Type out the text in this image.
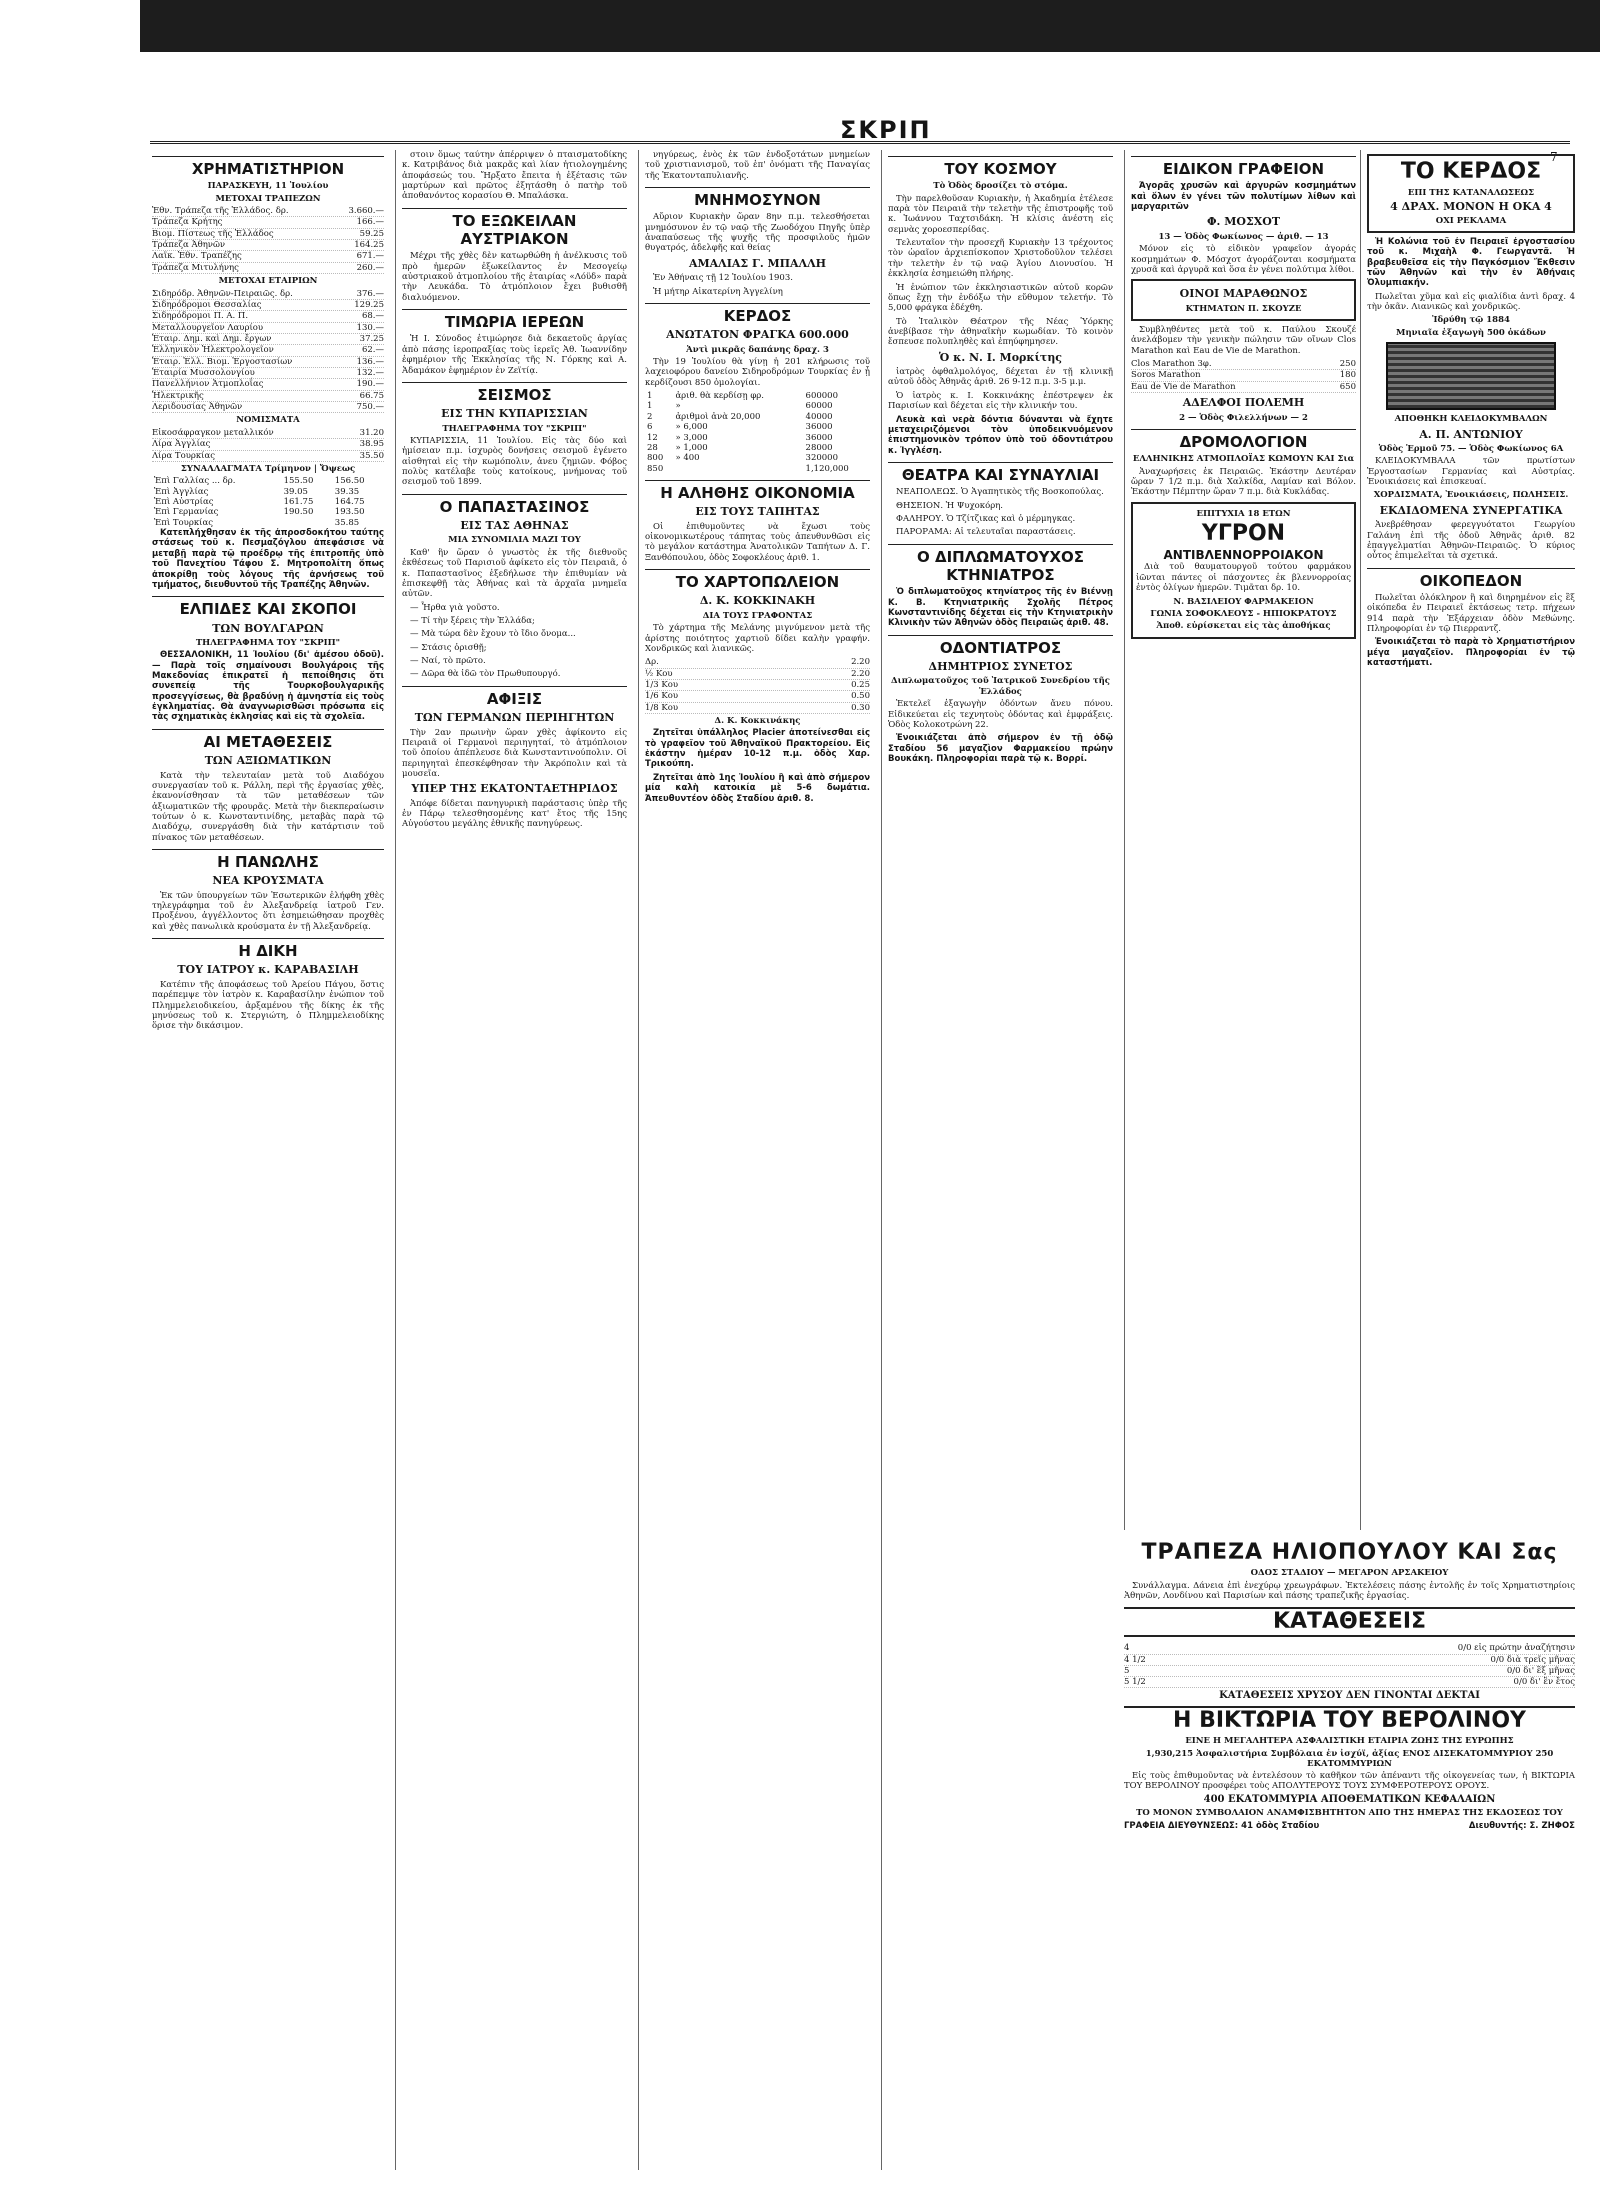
ΣΚΡΙΠ
7
ΧΡΗΜΑΤΙΣΤΗΡΙΟΝ
ΠΑΡΑΣΚΕΥΗ, 11 Ἰουλίου
ΜΕΤΟΧΑΙ ΤΡΑΠΕΖΩΝ
Ἐθν. Τράπεζα τῆς Ἑλλάδος. δρ.	3.660.—
Τράπεζα Κρήτης	166.—
Βιομ. Πίστεως τῆς Ἑλλάδος	59.25
Τράπεζα Ἀθηνῶν	164.25
Λαϊκ. Ἐθν. Τραπέζης	671.—
Τράπεζα Μιτυλήνης	260.—
ΜΕΤΟΧΑΙ ΕΤΑΙΡΙΩΝ
Σιδηρόδρ. Ἀθηνῶν-Πειραιῶς. δρ.	376.—
Σιδηρόδρομοι Θεσσαλίας	129.25
Σιδηρόδρομοι Π. Α. Π.	68.—
Μεταλλουργεῖον Λαυρίου	130.—
Ἑταιρ. Δημ. καὶ Δημ. ἔργων	37.25
Ἑλληνικὸν Ἠλεκτρολογεῖον	62.—
Ἐταιρ. Ἑλλ. Βιομ. Ἐργοστασίων	136.—
Ἐταιρία Μυσσολονγίου	132.—
Πανελλήνιον Ἀτμοπλοΐας	190.—
Ἠλεκτρικῆς	66.75
Λεριδουσίας Ἀθηνῶν	750.—
ΝΟΜΙΣΜΑΤΑ
Εἰκοσάφραγκον μεταλλικόν	31.20
Λίρα Ἀγγλίας	38.95
Λίρα Τουρκίας	35.50
ΣΥΝΑΛΛΑΓΜΑΤΑ Τρίμηνον | Ὄψεως
Ἐπὶ Γαλλίας ... δρ.	155.50	156.50
Ἐπὶ Ἀγγλίας	39.05	39.35
Ἐπὶ Αὐστρίας	161.75	164.75
Ἐπὶ Γερμανίας	190.50	193.50
Ἐπὶ Τουρκίας		35.85

Κατεπλήχθησαν ἐκ τῆς ἀπροσδοκήτου ταύτης στάσεως τοῦ κ. Πεσμαζόγλου ἀπεφάσισε νὰ μεταβῇ παρὰ τῷ προέδρῳ τῆς ἐπιτροπῆς ὑπὸ τοῦ Πανεχτίου Τάφου Σ. Μητροπολίτη ὅπως ἀποκρίθῃ τοὺς λόγους τῆς ἀρνήσεως τοῦ τμήματος, διευθυντοῦ τῆς Τραπέζης Ἀθηνῶν.

ΕΛΠΙΔΕΣ ΚΑΙ ΣΚΟΠΟΙ
ΤΩΝ ΒΟΥΛΓΑΡΩΝ
ΤΗΛΕΓΡΑΦΗΜΑ ΤΟΥ "ΣΚΡΙΠ"

ΘΕΣΣΑΛΟΝΙΚΗ, 11 Ἰουλίου (δι' ἀμέσου ὁδοῦ). — Παρὰ τοῖς σημαίνουσι Βουλγάροις τῆς Μακεδονίας ἐπικρατεῖ ἡ πεποίθησις ὅτι συνεπείᾳ τῆς Τουρκοβουλγαρικῆς προσεγγίσεως, θὰ βραδύνῃ ἡ ἀμνηστία εἰς τοὺς ἐγκληματίας. Θὰ ἀναγνωρισθῶσι πρόσωπα εἰς τὰς σχηματικὰς ἐκλησίας καὶ εἰς τὰ σχολεῖα.

ΑΙ ΜΕΤΑΘΕΣΕΙΣ
ΤΩΝ ΑΞΙΩΜΑΤΙΚΩΝ

Κατὰ τὴν τελευταίαν μετὰ τοῦ Διαδόχου συνεργασίαν τοῦ κ. Ράλλη, περὶ τῆς ἐργασίας χθὲς, ἐκανονίσθησαν τὰ τῶν μεταθέσεων τῶν ἀξιωματικῶν τῆς φρουρᾶς. Μετὰ τὴν διεκπεραίωσιν τούτων ὁ κ. Κωνσταντινίδης, μεταβὰς παρὰ τῷ Διαδόχῳ, συνεργάσθη διὰ τὴν κατάρτισιν τοῦ πίνακος τῶν μεταθέσεων.

Η ΠΑΝΩΛΗΣ
ΝΕΑ ΚΡΟΥΣΜΑΤΑ

Ἐκ τῶν ὑπουργείων τῶν Ἐσωτερικῶν ἐλήφθη χθὲς τηλεγράφημα τοῦ ἐν Ἀλεξανδρείᾳ ἰατροῦ Γεν. Προξένου, ἀγγέλλοντος ὅτι ἐσημειώθησαν προχθὲς καὶ χθὲς πανωλικὰ κρούσματα ἐν τῇ Ἀλεξανδρείᾳ.

Η ΔΙΚΗ
ΤΟΥ ΙΑΤΡΟΥ κ. ΚΑΡΑΒΑΣΙΛΗ

Κατέπιν τῆς ἀποφάσεως τοῦ Ἀρείου Πάγου, ὅστις παρέπεμψε τὸν ἰατρὸν κ. Καραβασίλην ἐνώπιον τοῦ Πλημμελειοδικείου, ἀρξαμένου τῆς δίκης ἐκ τῆς μηνύσεως τοῦ κ. Στεργιώτη, ὁ Πλημμελειοδίκης ὅρισε τὴν δικάσιμον.

στοιν ὅμως ταύτην ἀπέρριψεν ὁ πταισματοδίκης κ. Κατριβάνος διὰ μακρᾶς καὶ λίαν ἠτιολογημένης ἀποφάσεώς του. Ἤρξατο ἔπειτα ἡ ἐξέτασις τῶν μαρτύρων καὶ πρῶτος ἐξητάσθη ὁ πατὴρ τοῦ ἀποθανόντος κορασίου Θ. Μπαλάσκα.

ΤΟ ΕΞΩΚΕΙΛΑΝ ΑΥΣΤΡΙΑΚΟΝ

Μέχρι τῆς χθὲς δὲν κατωρθώθη ἡ ἀνέλκυσις τοῦ πρὸ ἡμερῶν ἐξωκείλαντος ἐν Μεσογείῳ αὐστριακοῦ ἀτμοπλοίου τῆς ἑταιρίας «Λόϋδ» παρὰ τὴν Λευκάδα. Τὸ ἀτμόπλοιον ἔχει βυθισθῆ διαλυόμενον.

ΤΙΜΩΡΙΑ ΙΕΡΕΩΝ

Ἡ Ι. Σύνοδος ἐτιμώρησε διὰ δεκαετοῦς ἀργίας ἀπὸ πάσης ἱεροπραξίας τοὺς ἱερεῖς Ἀθ. Ἰωαννίδην ἐφημέριον τῆς Ἐκκλησίας τῆς Ν. Γόρκης καὶ Α. Ἀδαμάκον ἐφημέριον ἐν Ζεϊτίᾳ.

ΣΕΙΣΜΟΣ
ΕΙΣ ΤΗΝ ΚΥΠΑΡΙΣΣΙΑΝ
ΤΗΛΕΓΡΑΦΗΜΑ ΤΟΥ "ΣΚΡΙΠ"

ΚΥΠΑΡΙΣΣΙΑ, 11 Ἰουλίου. Εἰς τὰς δύο καὶ ἡμίσειαν π.μ. ἰσχυρὸς δονήσεις σεισμοῦ ἐγένετο αἰσθηταὶ εἰς τὴν κωμόπολιν, ἀνευ ζημιῶν. Φόβος πολὺς κατέλαβε τοὺς κατοίκους, μνήμονας τοῦ σεισμοῦ τοῦ 1899.

Ο ΠΑΠΑΣΤΑΣΙΝΟΣ
ΕΙΣ ΤΑΣ ΑΘΗΝΑΣ
ΜΙΑ ΣΥΝΟΜΙΛΙΑ ΜΑΖΙ ΤΟΥ

Καθ' ἣν ὥραν ὁ γνωστὸς ἐκ τῆς διεθνοῦς ἐκθέσεως τοῦ Παρισιοῦ ἀφίκετο εἰς τὸν Πειραιᾶ, ὁ κ. Παπαστασῖνος ἐξεδήλωσε τὴν ἐπιθυμίαν νὰ ἐπισκεφθῇ τὰς Ἀθήνας καὶ τὰ ἀρχαῖα μνημεῖα αὐτῶν.

— Ἦρθα γιὰ γοῦστο.

— Τί τὴν ξέρεις τὴν Ἑλλάδα;

— Μὰ τώρα δὲν ἔχουν τὸ ἴδιο ὄνομα...

— Στάσις ὁρισθῇ;

— Ναί, τὸ πρῶτο.

— Δῶρα θὰ ἰδῶ τὸν Πρωθυπουργό.

ΑΦΙΞΙΣ
ΤΩΝ ΓΕΡΜΑΝΩΝ ΠΕΡΙΗΓΗΤΩΝ

Τὴν 2αν πρωινὴν ὥραν χθὲς ἀφίκοντο εἰς Πειραιᾶ οἱ Γερμανοὶ περιηγηταί, τὸ ἀτμόπλοιον τοῦ ὁποίου ἀπέπλευσε διὰ Κωνσταντινούπολιν. Οἱ περιηγηταὶ ἐπεσκέφθησαν τὴν Ἀκρόπολιν καὶ τὰ μουσεῖα.

ΥΠΕΡ ΤΗΣ ΕΚΑΤΟΝΤΑΕΤΗΡΙΔΟΣ

Ἀπόφε δίδεται πανηγυρικὴ παράστασις ὑπὲρ τῆς ἐν Πάρῳ τελεσθησομένης κατ' ἔτος τῆς 15ης Αὐγούστου μεγάλης ἐθνικῆς πανηγύρεως.

νηγύρεως, ἐνὸς ἐκ τῶν ἐνδοξοτάτων μνημείων τοῦ χριστιανισμοῦ, τοῦ ἐπ' ὀνόματι τῆς Παναγίας τῆς Ἑκατονταπυλιανῆς.

ΜΝΗΜΟΣΥΝΟΝ

Αὔριον Κυριακὴν ὥραν 8ην π.μ. τελεσθήσεται μνημόσυνον ἐν τῷ ναῷ τῆς Ζωοδόχου Πηγῆς ὑπὲρ ἀναπαύσεως τῆς ψυχῆς τῆς προσφιλοῦς ἡμῶν θυγατρός, ἀδελφῆς καὶ θείας

ΑΜΑΛΙΑΣ Γ. ΜΠΑΛΛΗ

Ἐν Ἀθήναις τῇ 12 Ἰουλίου 1903.

Ἡ μήτηρ Αἰκατερίνη Ἀγγελίνη

ΚΕΡΔΟΣ
ΑΝΩΤΑΤΟΝ ΦΡΑΓΚΑ 600.000
Ἀντὶ μικρᾶς δαπάνης δραχ. 3

Τὴν 19 Ἰουλίου θὰ γίνῃ ἡ 201 κλήρωσις τοῦ λαχειοφόρου δανείου Σιδηροδρόμων Τουρκίας ἐν ᾗ κερδίζουσι 850 ὁμολογίαι.

1	ἀριθ. θὰ κερδίσῃ φρ.	600000
1	»	60000
2	ἀριθμοὶ ἀνὰ 20,000	40000
6	» 6,000	36000
12	» 3,000	36000
28	» 1,000	28000
800	» 400	320000
850		1,120,000
Η ΑΛΗΘΗΣ ΟΙΚΟΝΟΜΙΑ
ΕΙΣ ΤΟΥΣ ΤΑΠΗΤΑΣ

Οἱ ἐπιθυμοῦντες νὰ ἔχωσι τοὺς οἰκονομικωτέρους τάπητας τοὺς ἀπευθυνθῶσι εἰς τὸ μεγάλον κατάστημα Ἀνατολικῶν Ταπήτων Δ. Γ. Ξανθόπουλου, ὁδὸς Σοφοκλέους ἀριθ. 1.

ΤΟ ΧΑΡΤΟΠΩΛΕΙΟΝ
Δ. Κ. ΚΟΚΚΙΝΑΚΗ
ΔΙΑ ΤΟΥΣ ΓΡΑΦΟΝΤΑΣ

Τὸ χάρτημα τῆς Μελάνης μιγνύμενον μετὰ τῆς ἀρίστης ποιότητος χαρτιοῦ δίδει καλὴν γραφήν. Χονδρικῶς καὶ λιανικῶς.

Δρ.	2.20
½ Κου	2.20
1/3 Κου	0.25
1/6 Κου	0.50
1/8 Κου	0.30
Δ. Κ. Κοκκινάκης

Ζητεῖται ὑπάλληλος Placier ἀποτείνεσθαι εἰς τὸ γραφεῖον τοῦ Ἀθηναϊκοῦ Πρακτορείου. Εἰς ἑκάστην ἡμέραν 10-12 π.μ. ὁδὸς Χαρ. Τρικούπη.

Ζητεῖται ἀπὸ 1ης Ἰουλίου ἢ καὶ ἀπὸ σήμερον μία καλὴ κατοικία μὲ 5-6 δωμάτια. Ἀπευθυντέον ὁδὸς Σταδίου ἀριθ. 8.

ΤΟΥ ΚΟΣΜΟΥ
Τὸ Ὀδὸς δροσίζει τὸ στόμα.

Τὴν παρελθοῦσαν Κυριακὴν, ἡ Ἀκαδημία ἐτέλεσε παρὰ τὸν Πειραιᾶ τὴν τελετὴν τῆς ἐπιστροφῆς τοῦ κ. Ἰωάννου Ταχτσιδάκη. Ἡ κλίσις ἀνέστη εἰς σεμνὰς χοροεσπερίδας.

Τελευταῖον τὴν προσεχῆ Κυριακὴν 13 τρέχοντος τὸν ὡραῖον ἀρχιεπίσκοπον Χριστοδοῦλον τελέσει τὴν τελετὴν ἐν τῷ ναῷ Ἁγίου Διονυσίου. Ἡ ἐκκλησία ἐσημειώθη πλήρης.

Ἡ ἐνώπιον τῶν ἐκκλησιαστικῶν αὐτοῦ κορῶν ὅπως ἔχῃ τὴν ἐνδόξω τὴν εὔθυμον τελετήν. Τὸ 5,000 φράγκα ἐδέχθη.

Τὸ Ἰταλικὸν Θέατρον τῆς Νέας Ὑόρκης ἀνεβίβασε τὴν ἀθηναϊκὴν κωμωδίαν. Τὸ κοινὸν ἔσπευσε πολυπληθὲς καὶ ἐπηύφημησεν.

Ὁ κ. Ν. Ι. Μορκίτης

ἰατρὸς ὀφθαλμολόγος, δέχεται ἐν τῇ κλινικῇ αὐτοῦ ὁδὸς Ἀθηνᾶς ἀριθ. 26 9-12 π.μ. 3-5 μ.μ.

Ὁ ἰατρὸς κ. Ι. Κοκκινάκης ἐπέστρεψεν ἐκ Παρισίων καὶ δέχεται εἰς τὴν κλινικήν του.

Λευκὰ καὶ νερὰ δόντια δύνανται νὰ ἔχητε μεταχειριζόμενοι τὸν ὑποδεικνυόμενον ἐπιστημονικὸν τρόπον ὑπὸ τοῦ ὀδοντιάτρου κ. Ἰγγλέση.

ΘΕΑΤΡΑ ΚΑΙ ΣΥΝΑΥΛΙΑΙ

ΝΕΑΠΟΛΕΩΣ. Ὁ Ἀγαπητικὸς τῆς Βοσκοπούλας.

ΘΗΣΕΙΟΝ. Ἡ Ψυχοκόρη.

ΦΑΛΗΡΟΥ. Ὁ Τζίτζικας καὶ ὁ μέρμηγκας.

ΠΑΡΟΡΑΜΑ: Αἱ τελευταῖαι παραστάσεις.

Ο ΔΙΠΛΩΜΑΤΟΥΧΟΣ ΚΤΗΝΙΑΤΡΟΣ

Ὁ διπλωματοῦχος κτηνίατρος τῆς ἐν Βιέννῃ Κ. Β. Κτηνιατρικῆς Σχολῆς Πέτρος Κωνσταντινίδης δέχεται εἰς τὴν Κτηνιατρικὴν Κλινικὴν τῶν Ἀθηνῶν ὁδὸς Πειραιῶς ἀριθ. 48.

ΟΔΟΝΤΙΑΤΡΟΣ
ΔΗΜΗΤΡΙΟΣ ΣΥΝΕΤΟΣ
Διπλωματοῦχος τοῦ Ἰατρικοῦ Συνεδρίου τῆς Ἑλλάδος

Ἐκτελεῖ ἐξαγωγὴν ὀδόντων ἄνευ πόνου. Εἰδικεύεται εἰς τεχνητοὺς ὀδόντας καὶ ἐμφράξεις. Ὁδὸς Κολοκοτρώνη 22.

Ἐνοικιάζεται ἀπὸ σήμερον ἐν τῇ ὁδῷ Σταδίου 56 μαγαζὶον Φαρμακείου πρώην Βουκάκη. Πληροφορίαι παρὰ τῷ κ. Βορρί.

ΕΙΔΙΚΟΝ ΓΡΑΦΕΙΟΝ

Ἀγορᾶς χρυσῶν καὶ ἀργυρῶν κοσμημάτων καὶ ὅλων ἐν γένει τῶν πολυτίμων λίθων καὶ μαργαριτῶν

Φ. ΜΟΣΧΟΤ
13 — Ὁδὸς Φωκίωνος — ἀριθ. — 13

Μόνον εἰς τὸ εἰδικὸν γραφεῖον ἀγοράς κοσμημάτων Φ. Μόσχοτ ἀγοράζονται κοσμήματα χρυσᾶ καὶ ἀργυρᾶ καὶ ὅσα ἐν γένει πολύτιμα λίθοι.

ΟΙΝΟΙ ΜΑΡΑΘΩΝΟΣ
ΚΤΗΜΑΤΩΝ Π. ΣΚΟΥΖΕ

Συμβληθέντες μετὰ τοῦ κ. Παύλου Σκουζέ ἀνελάβομεν τὴν γενικὴν πώλησιν τῶν οἴνων Clos Marathon καὶ Eau de Vie de Marathon.

Clos Marathon 3φ.	250
Soros Marathon	180
Eau de Vie de Marathon	650
ΑΔΕΛΦΟΙ ΠΟΛΕΜΗ
2 — Ὁδὸς Φιλελλήνων — 2
ΔΡΟΜΟΛΟΓΙΟΝ
ΕΛΛΗΝΙΚΗΣ ΑΤΜΟΠΛΟΪΑΣ ΚΩΜΟΥΝ ΚΑΙ Σια

Ἀναχωρήσεις ἐκ Πειραιῶς. Ἑκάστην Δευτέραν ὥραν 7 1/2 π.μ. διὰ Χαλκίδα, Λαμίαν καὶ Βόλον. Ἑκάστην Πέμπτην ὥραν 7 π.μ. διὰ Κυκλάδας.

ΕΠΙΤΥΧΙΑ 18 ΕΤΩΝ
ΥΓΡΟΝ
ΑΝΤΙΒΛΕΝΝΟΡΡΟΙΑΚΟΝ

Διὰ τοῦ θαυματουργοῦ τούτου φαρμάκου ἰῶνται πάντες οἱ πάσχοντες ἐκ βλεννορροίας ἐντὸς ὀλίγων ἡμερῶν. Τιμᾶται δρ. 10.

Ν. ΒΑΣΙΛΕΙΟΥ ΦΑΡΜΑΚΕΙΟΝ
ΓΩΝΙΑ ΣΟΦΟΚΛΕΟΥΣ - ΗΠΙΟΚΡΑΤΟΥΣ
Ἀποθ. εὑρίσκεται εἰς τὰς ἀποθήκας
ΤΟ ΚΕΡΔΟΣ
ΕΠΙ ΤΗΣ ΚΑΤΑΝΑΛΩΣΕΩΣ
4 ΔΡΑΧ. ΜΟΝΟΝ Η ΟΚΑ 4
ΟΧΙ ΡΕΚΛΑΜΑ

Ἡ Κολώνια τοῦ ἐν Πειραιεῖ ἐργοστασίου τοῦ κ. Μιχαὴλ Φ. Γεωργαντᾶ. Ἡ βραβευθεῖσα εἰς τὴν Παγκόσμιον Ἔκθεσιν τῶν Ἀθηνῶν καὶ τὴν ἐν Ἀθήναις Ὀλυμπιακήν.

Πωλεῖται χῦμα καὶ εἰς φιαλίδια ἀντὶ δραχ. 4 τὴν ὀκᾶν. Λιανικῶς καὶ χονδρικῶς.

Ἰδρύθη τῷ 1884
Μηνιαῖα ἐξαγωγὴ 500 ὀκάδων
ΑΠΟΘΗΚΗ ΚΛΕΙΔΟΚΥΜΒΑΛΩΝ
Α. Π. ΑΝΤΩΝΙΟΥ
Ὁδὸς Ἑρμοῦ 75. — Ὁδὸς Φωκίωνος 6Α

ΚΛΕΙΔΟΚΥΜΒΑΛΑ τῶν πρωτίστων Ἐργοστασίων Γερμανίας καὶ Αὐστρίας. Ἐνοικιάσεις καὶ ἐπισκευαί.

ΧΟΡΔΙΣΜΑΤΑ, Ἐνοικιάσεις, ΠΩΛΗΣΕΙΣ.
ΕΚΔΙΔΟΜΕΝΑ ΣΥΝΕΡΓΑΤΙΚΑ

Ἀνεβρέθησαν φερεγγυότατοι Γεωργίου Γαλάνη ἐπὶ τῆς ὁδοῦ Ἀθηνᾶς ἀριθ. 82 ἐπαγγελματίαι Ἀθηνῶν-Πειραιῶς. Ὁ κύριος οὗτος ἐπιμελεῖται τὰ σχετικά.

ΟΙΚΟΠΕΔΟΝ

Πωλεῖται ὁλόκληρον ἢ καὶ διηρημένον εἰς ἓξ οἰκόπεδα ἐν Πειραιεῖ ἐκτάσεως τετρ. πήχεων 914 παρὰ τὴν Ἐξάρχειαν ὁδὸν Μεθώνης. Πληροφορίαι ἐν τῷ Πιερραντζ.

Ἐνοικιάζεται τὸ παρὰ τὸ Χρηματιστήριον μέγα μαγαζεῖον. Πληροφορίαι ἐν τῷ καταστήματι.

ΤΡΑΠΕΖΑ ΗΛΙΟΠΟΥΛΟΥ ΚΑΙ Σας
ΟΔΟΣ ΣΤΑΔΙΟΥ — ΜΕΓΑΡΟΝ ΑΡΣΑΚΕΙΟΥ

Συνάλλαγμα. Δάνεια ἐπὶ ἐνεχύρῳ χρεωγράφων. Ἐκτελέσεις πάσης ἐντολῆς ἐν τοῖς Χρηματιστηρίοις Ἀθηνῶν, Λονδίνου καὶ Παρισίων καὶ πάσης τραπεζικῆς ἐργασίας.

ΚΑΤΑΘΕΣΕΙΣ
4	0/0 εἰς πρώτην ἀναζήτησιν
4 1/2	0/0 διὰ τρεῖς μῆνας
5	0/0 δι' ἓξ μῆνας
5 1/2	0/0 δι' ἓν ἔτος
ΚΑΤΑΘΕΣΕΙΣ ΧΡΥΣΟΥ ΔΕΝ ΓΙΝΟΝΤΑΙ ΔΕΚΤΑΙ
Η ΒΙΚΤΩΡΙΑ ΤΟΥ ΒΕΡΟΛΙΝΟΥ
ΕΙΝΕ Η ΜΕΓΑΛΗΤΕΡΑ ΑΣΦΑΛΙΣΤΙΚΗ ΕΤΑΙΡΙΑ ΖΩΗΣ ΤΗΣ ΕΥΡΩΠΗΣ
1,930,215 Ἀσφαλιστήρια Συμβόλαια ἐν ἰσχύϊ, ἀξίας ΕΝΟΣ ΔΙΣΕΚΑΤΟΜΜΥΡΙΟΥ 250 ΕΚΑΤΟΜΜΥΡΙΩΝ

Εἰς τοὺς ἐπιθυμοῦντας νὰ ἐντελέσουν τὸ καθῆκον τῶν ἀπέναντι τῆς οἰκογενείας των, ἡ ΒΙΚΤΩΡΙΑ ΤΟΥ ΒΕΡΟΛΙΝΟΥ προσφέρει τοὺς ΑΠΟΛΥΤΕΡΟΥΣ ΤΟΥΣ ΣΥΜΦΕΡΟΤΕΡΟΥΣ ΟΡΟΥΣ.

400 ΕΚΑΤΟΜΜΥΡΙΑ ΑΠΟΘΕΜΑΤΙΚΩΝ ΚΕΦΑΛΑΙΩΝ
ΤΟ ΜΟΝΟΝ ΣΥΜΒΟΛΑΙΟΝ ΑΝΑΜΦΙΣΒΗΤΗΤΟΝ ΑΠΟ ΤΗΣ ΗΜΕΡΑΣ ΤΗΣ ΕΚΔΟΣΕΩΣ ΤΟΥ
ΓΡΑΦΕΙΑ ΔΙΕΥΘΥΝΣΕΩΣ: 41 ὁδὸς Σταδίου	Διευθυντής: Σ. ΖΗΦΟΣ
